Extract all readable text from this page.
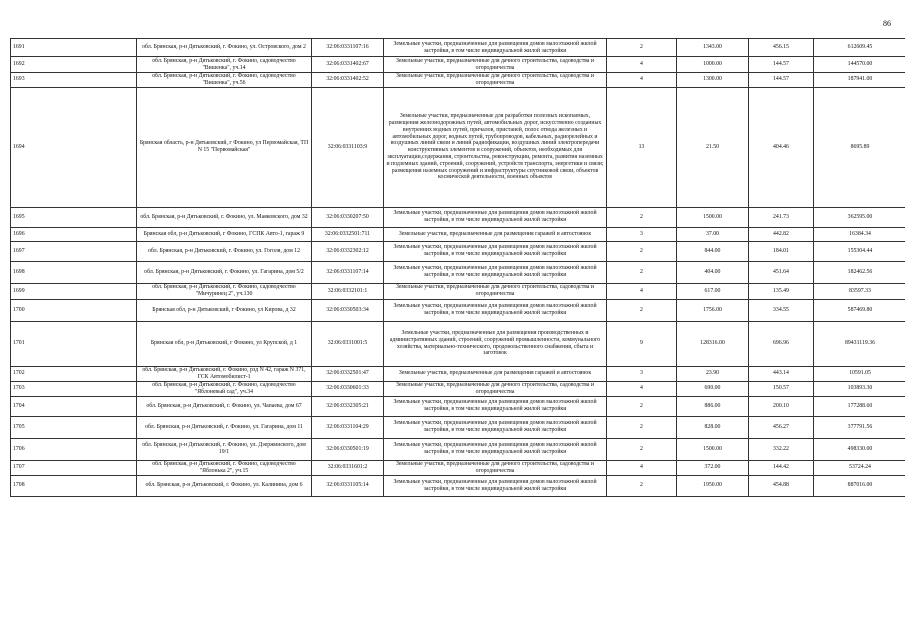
86
1691	обл. Брянская, р-н Дятьковский, г. Фокино, ул. Островского, дом 2	32:06:0331107:16	Земельные участки, предназначенные для размещения домов малоэтажной жилой застройки, в том числе индивидуальной жилой застройки	2	1343.00	456.15	612609.45
1692	обл. Брянская, р-н Дятьковский, г. Фокино, садоводчество "Вишенка", уч.14	32:06:0331402:67	Земельные участки, предназначенные для дачного строительства, садоводства и огородничества	4	1000.00	144.57	144570.00
1693	обл. Брянская, р-н Дятьковский, г. Фокино, садоводчество "Вишенка", уч.56	32:06:0331402:52	Земельные участки, предназначенные для дачного строительства, садоводства и огородничества	4	1300.00	144.57	187941.00
1694	Брянская область, р-н Дятьковский, г Фокино, ул Первомайская, ТП N 15 "Первомайская"	32:06:0331103:9	Земельные участки, предназначенные для разработки полезных ископаемых, размещения железнодорожных путей, автомобильных дорог, искусственно созданных внутренних водных путей, причалов, пристаней, полос отвода железных и автомобильных дорог, водных путей, трубопроводов, кабельных, радиорелейных и воздушных линий связи и линий радиофикации, воздушных линий электропередачи конструктивных элементов и сооружений, объектов, необходимых для эксплуатации,содержания, строительства, реконструкции, ремонта, развития наземных и подземных зданий, строений, сооружений, устройств транспорта, энергетики и связи; размещения наземных сооружений и инфраструктуры спутниковой связи, объектов космической деятельности, военных объектов	13	21.50	404.46	8695.89
1695	обл. Брянская, р-н Дятьковский, г. Фокино, ул. Маяковского, дом 32	32:06:0330207:50	Земельные участки, предназначенные для размещения домов малоэтажной жилой застройки, в том числе индивидуальной жилой застройки	2	1500.00	241.73	362595.00
1696	Брянская обл, р-н Дятьковский, г Фокино, ГСПК Авто-1, гараж 9	32:06:0332501:711	Земельные участки, предназначенные для размещения гаражей и автостоянок	3	37.00	442.82	16384.34
1697	обл. Брянская, р-н Дятьковский, г. Фокино, ул. Гоголя, дом 12	32:06:0332302:12	Земельные участки, предназначенные для размещения домов малоэтажной жилой застройки, в том числе индивидуальной жилой застройки	2	844.00	184.01	155304.44
1698	обл. Брянская, р-н Дятьковский, г. Фокино, ул. Гагарина, дом 5/2	32:06:0331107:14	Земельные участки, предназначенные для размещения домов малоэтажной жилой застройки, в том числе индивидуальной жилой застройки	2	404.00	451.64	182462.56
1699	обл. Брянская, р-н Дятьковский, г. Фокино, садоводчество "Мичуринец 2", уч.130	32:06:0332101:1	Земельные участки, предназначенные для дачного строительства, садоводства и огородничества	4	617.00	135.49	83597.33
1700	Брянская обл, р-н Дятьковский, г Фокино, ул Кирова, д 32	32:06:0330503:34	Земельные участки, предназначенные для размещения домов малоэтажной жилой застройки, в том числе индивидуальной жилой застройки	2	1756.00	334.55	587469.80
1701	Брянская обл, р-н Дятьковский, г Фокино, ул Крупской, д 1	32:06:0331001:5	Земельные участки, предназначенные для размещения производственных и административных зданий, строений, сооружений промышленности, коммунального хозяйства, материально-технического, продовольственного снабжения, сбыта и заготовок	9	128316.00	696.96	89431119.36
1702	обл. Брянская, р-н Дятьковский, г. Фокино, рзд N 42, гараж N 371, ГСК Автомобилист-1	32:06:0332501:47	Земельные участки, предназначенные для размещения гаражей и автостоянок	3	23.90	443.14	10591.05
1703	обл. Брянская, р-н Дятьковский, г. Фокино, садоводчество "Яблоневый сад", уч.34	32:06:0330601:33	Земельные участки, предназначенные для дачного строительства, садоводства и огородничества	4	690.00	150.57	103893.30
1704	обл. Брянская, р-н Дятьковский, г. Фокино, ул. Чапаева, дом 67	32:06:0332305:21	Земельные участки, предназначенные для размещения домов малоэтажной жилой застройки, в том числе индивидуальной жилой застройки	2	886.00	200.10	177288.60
1705	обл. Брянская, р-н Дятьковский, г. Фокино, ул. Гагарина, дом 11	32:06:0331104:29	Земельные участки, предназначенные для размещения домов малоэтажной жилой застройки, в том числе индивидуальной жилой застройки	2	828.00	456.27	377791.56
1706	обл. Брянская, р-н Дятьковский, г. Фокино, ул. Дзержинского, дом 19/1	32:06:0330501:19	Земельные участки, предназначенные для размещения домов малоэтажной жилой застройки, в том числе индивидуальной жилой застройки	2	1500.00	332.22	498330.00
1707	обл. Брянская, р-н Дятьковский, г. Фокино, садоводчество "Яблонька 2", уч.15	32:06:0331601:2	Земельные участки, предназначенные для дачного строительства, садоводства и огородничества	4	372.00	144.42	53724.24
1708	обл. Брянская, р-н Дятьковский, г. Фокино, ул. Калинина, дом 6	32:06:0331105:14	Земельные участки, предназначенные для размещения домов малоэтажной жилой застройки, в том числе индивидуальной жилой застройки	2	1950.00	454.88	887016.00
